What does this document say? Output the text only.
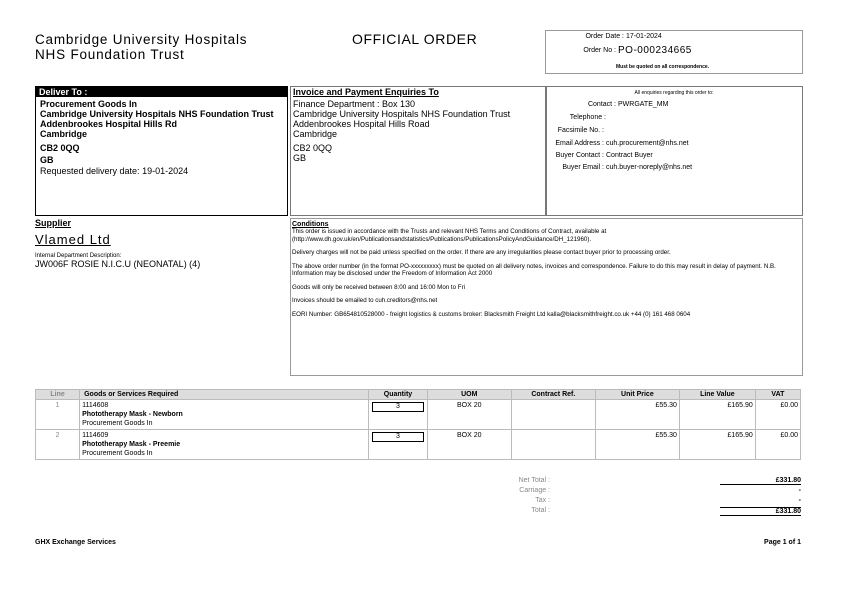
Cambridge University Hospitals
NHS Foundation Trust
OFFICIAL ORDER	Order Date : 17-01-2024
Order No : PO-000234665
Must be quoted on all correspondence.
Deliver To :
Procurement Goods In
Cambridge University Hospitals NHS Foundation Trust
Addenbrookes Hospital Hills Rd
Cambridge
CB2 0QQ
GB
Requested delivery date: 19-01-2024
Invoice and Payment Enquiries To
Finance Department : Box 130
Cambridge University Hospitals NHS Foundation Trust
Addenbrookes Hospital Hills Road
Cambridge
CB2 0QQ
GB
All enquiries regarding this order to:
Contact : PWRGATE_MM
Telephone :
Facsimile No. :
Email Address : cuh.procurement@nhs.net
Buyer Contact : Contract Buyer
Buyer Email : cuh.buyer-noreply@nhs.net
Supplier
Vlamed Ltd
Internal Department Description:
JW006F ROSIE N.I.C.U (NEONATAL) (4)
Conditions

This order is issued in accordance with the Trusts and relevant NHS Terms and Conditions of Contract, available at (http://www.dh.gov.uk/en/Publicationsandstatistics/Publications/PublicationsPolicyAndGuidance/DH_121960).

Delivery charges will not be paid unless specified on the order. If there are any irregularities please contact buyer prior to processing order.

The above order number (in the format PO-xxxxxxxxx) must be quoted on all delivery notes, invoices and correspondence. Failure to do this may result in delay of payment. N.B. Information may be disclosed under the Freedom of Information Act 2000

Goods will only be received between 8:00 and 16:00 Mon to Fri

Invoices should be emailed to cuh.creditors@nhs.net

EORI Number: GB654810528000 - freight logistics & customs broker: Blacksmith Freight Ltd kalla@blacksmithfreight.co.uk +44 (0) 161 468 0604

Line	Goods or Services Required	Quantity	UOM	Contract Ref.	Unit Price	Line Value	VAT
1	1114608
Phototherapy Mask - Newborn
Procurement Goods In	3	BOX 20		£55.30	£165.90	£0.00
2	1114609
Phototherapy Mask - Preemie
Procurement Goods In	3	BOX 20		£55.30	£165.90	£0.00
Net Total :	£331.80
Carriage :	-
Tax :	-
Total :	£331.80
GHX Exchange Services	Page 1 of 1
